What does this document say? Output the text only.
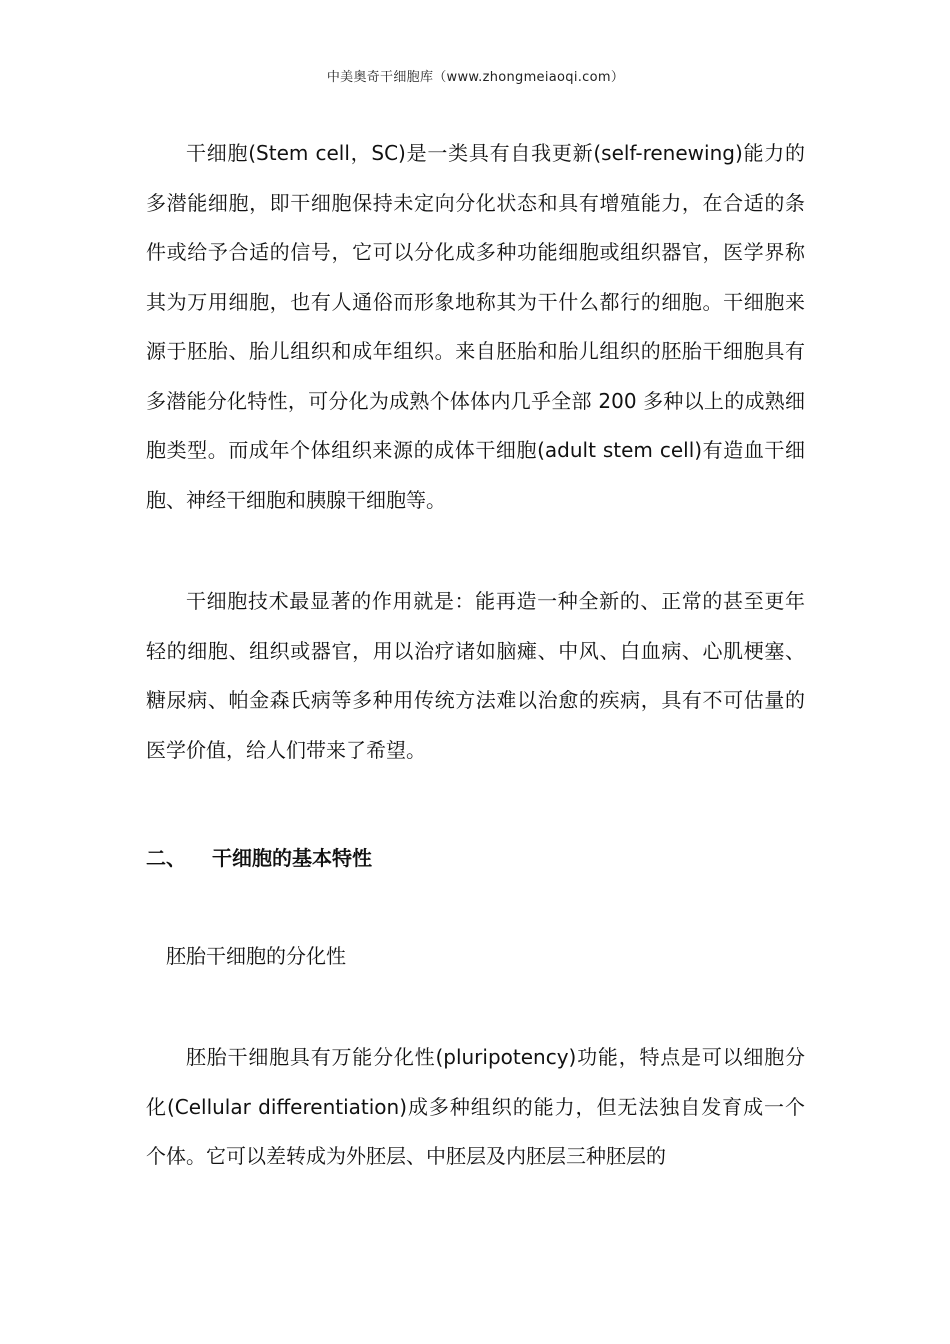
中美奥奇干细胞库（www.zhongmeiaoqi.com）

干细胞(Stem cell，SC)是一类具有自我更新(self-renewing)能力的多潜能细胞，即干细胞保持未定向分化状态和具有增殖能力，在合适的条件或给予合适的信号，它可以分化成多种功能细胞或组织器官，医学界称其为万用细胞，也有人通俗而形象地称其为干什么都行的细胞。干细胞来源于胚胎、胎儿组织和成年组织。来自胚胎和胎儿组织的胚胎干细胞具有多潜能分化特性，可分化为成熟个体体内几乎全部 200 多种以上的成熟细胞类型。而成年个体组织来源的成体干细胞(adult stem cell)有造血干细胞、神经干细胞和胰腺干细胞等。

干细胞技术最显著的作用就是：能再造一种全新的、正常的甚至更年轻的细胞、组织或器官，用以治疗诸如脑瘫、中风、白血病、心肌梗塞、糖尿病、帕金森氏病等多种用传统方法难以治愈的疾病，具有不可估量的医学价值，给人们带来了希望。

二、 干细胞的基本特性
胚胎干细胞的分化性

胚胎干细胞具有万能分化性(pluripotency)功能，特点是可以细胞分化(Cellular differentiation)成多种组织的能力，但无法独自发育成一个个体。它可以差转成为外胚层、中胚层及内胚层三种胚层的
